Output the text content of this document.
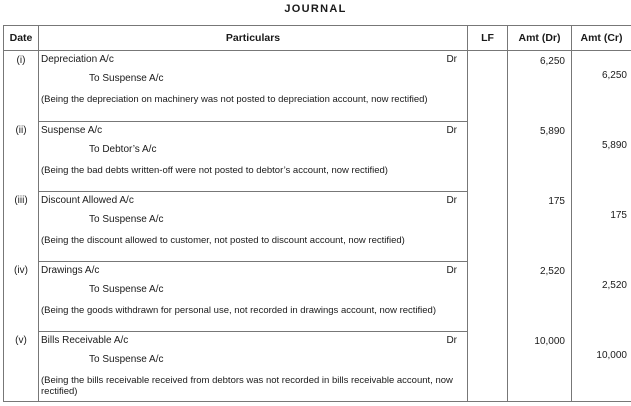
JOURNAL
Date	Particulars	LF	Amt (Dr)	Amt (Cr)
(i)	Depreciation A/c Dr
To Suspense A/c
(Being the depreciation on machinery was not posted to depreciation account, now rectified)		6,250	6,250

(ii)	Suspense A/c Dr
To Debtor’s A/c
(Being the bad debts written-off were not posted to debtor’s account, now rectified)		5,890	5,890

(iii)	Discount Allowed A/c Dr
To Suspense A/c
(Being the discount allowed to customer, not posted to discount account, now rectified)		175	175

(iv)	Drawings A/c Dr
To Suspense A/c
(Being the goods withdrawn for personal use, not recorded in drawings account, now rectified)		2,520	2,520

(v)	Bills Receivable A/c Dr
To Suspense A/c
(Being the bills receivable received from debtors was not recorded in bills receivable account, now rectified)		10,000	10,000
